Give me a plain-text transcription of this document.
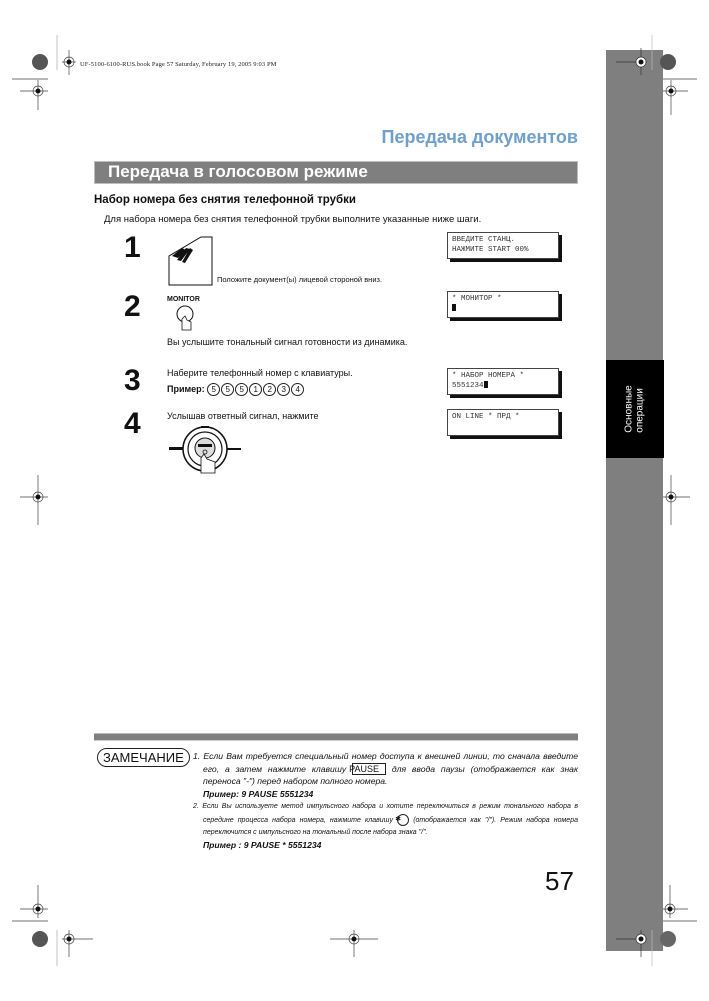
Основные операции
UF-5100-6100-RUS.book Page 57 Saturday, February 19, 2005 9:03 PM
Передача документов
Передача в голосовом режиме
Набор номера без снятия телефонной трубки
Для набора номера без снятия телефонной трубки выполните указанные ниже шаги.
1
Положите документ(ы) лицевой стороной вниз.
ВВЕДИТЕ СТАНЦ.
НАЖМИТЕ START 00%
2	MONITOR
Вы услышите тональный сигнал готовности из динамика.
* МОНИТОР *

3	Наберите телефонный номер с клавиатуры.
Пример: 5 5 5 1 2 3 4
* НАБОР НОМЕРА *
5551234
4	Услышав ответный сигнал, нажмите	ON LINE * ПРД *

ЗАМЕЧАНИЕ	1. Если Вам требуется специальный номер доступа к внешней линии, то сначала введите его, а затем нажмите клавишу PAUSE для ввода паузы (отображается как знак переноса "-") перед набором полного номера.
Пример: 9 PAUSE 5551234
2. Если Вы используете метод импульсного набора и хотите переключиться в режим тонального набора в середине процесса набора номера, нажмите клавишу ✱ (отображается как "/"). Режим набора номера переключится с импульсного на тональный после набора знака "/".
Пример : 9 PAUSE * 5551234
57
